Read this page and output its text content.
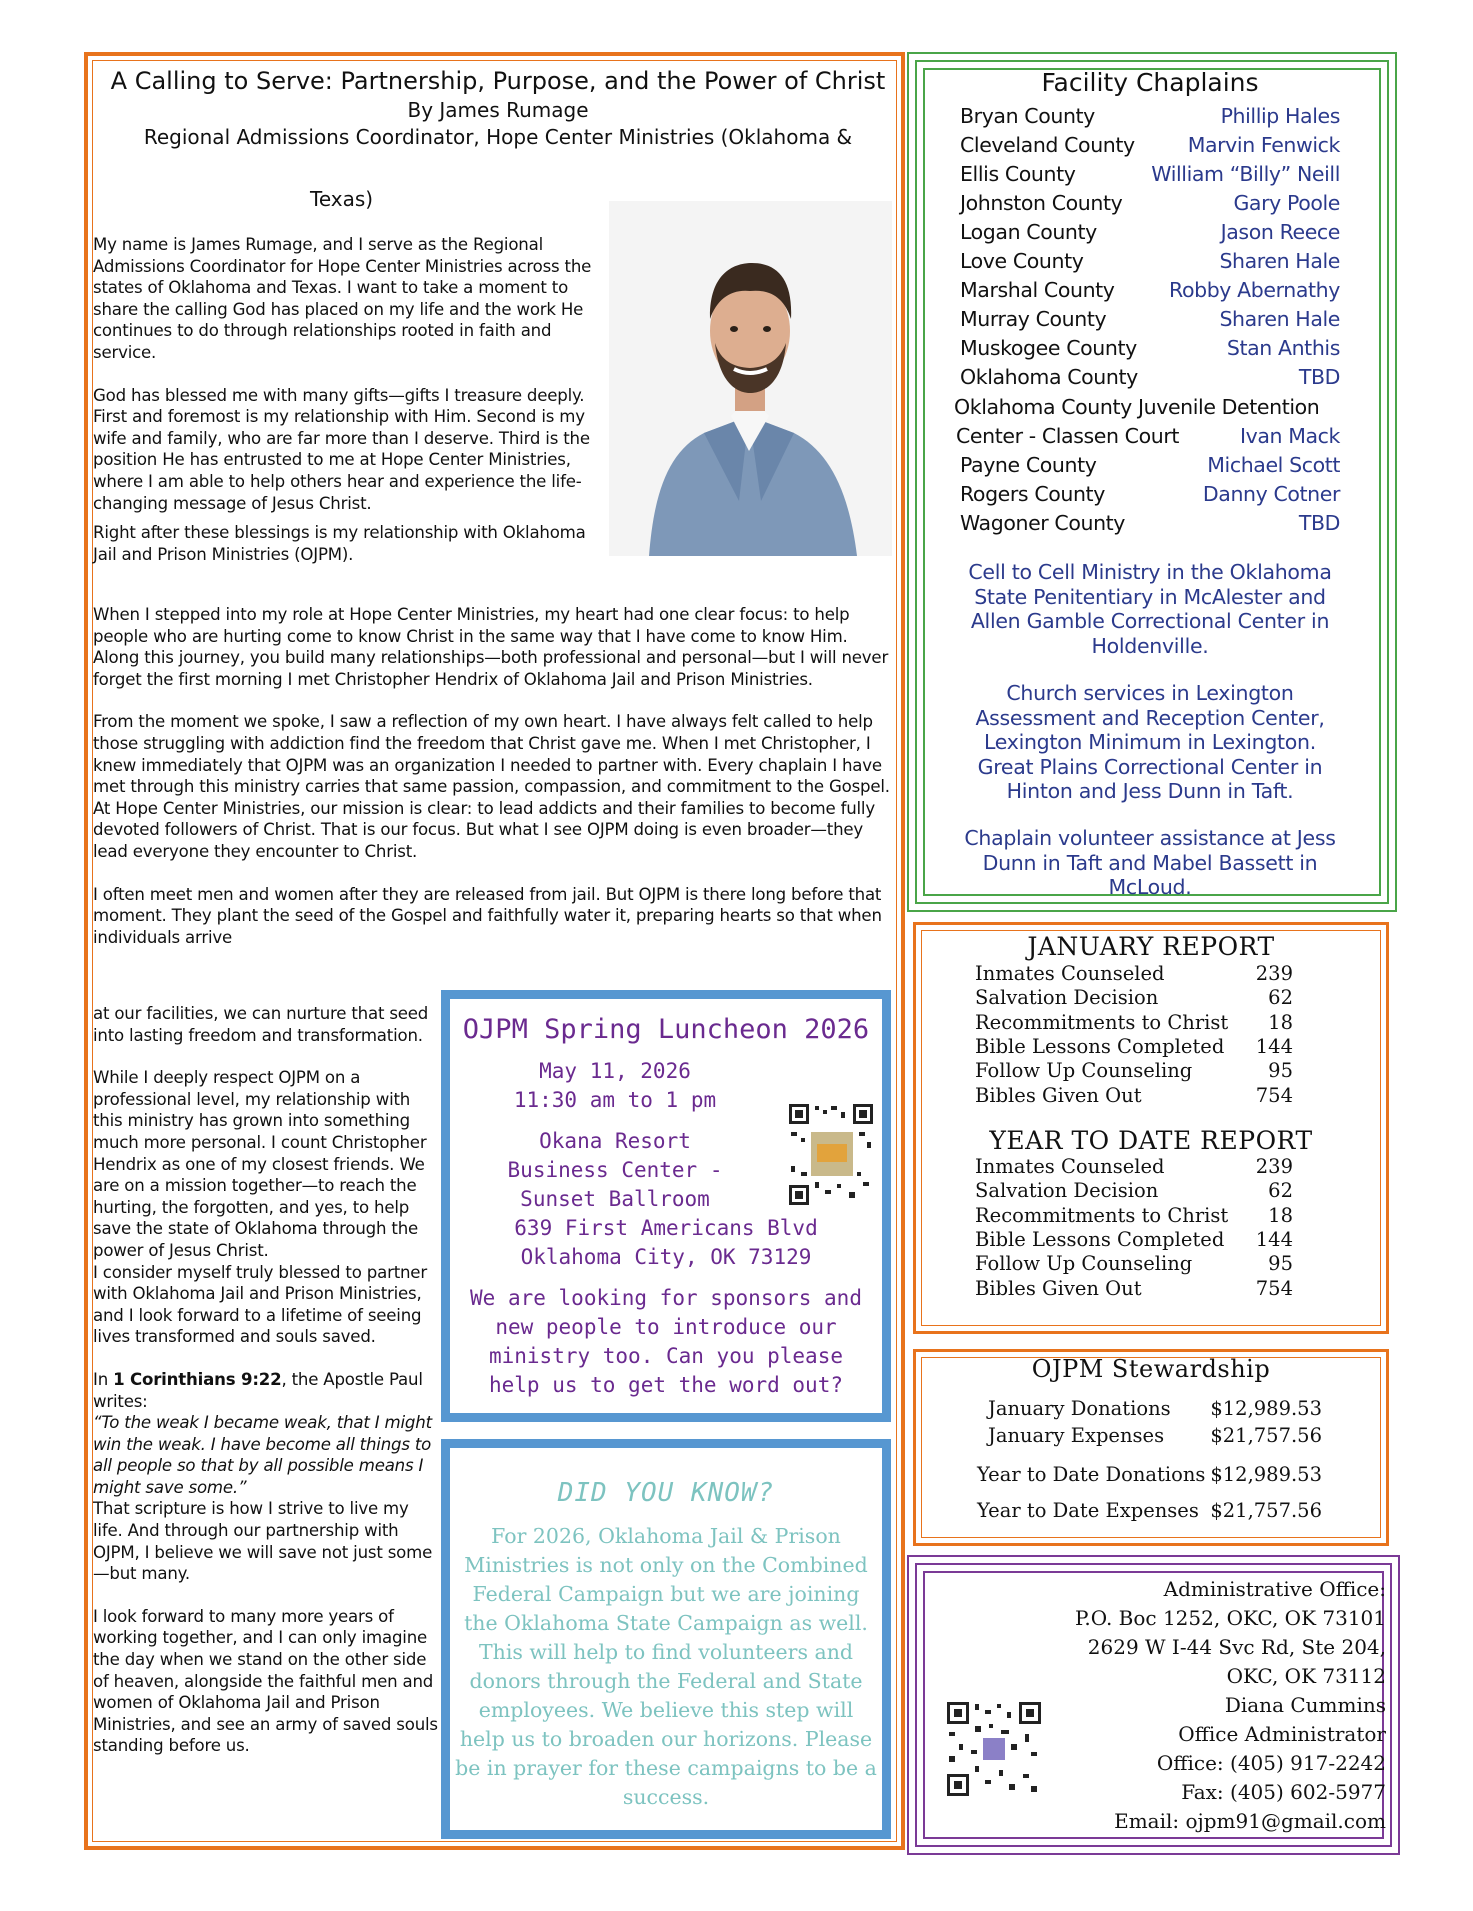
A Calling to Serve: Partnership, Purpose, and the Power of Christ
By James Rumage
Regional Admissions Coordinator, Hope Center Ministries (Oklahoma &
Texas)

My name is James Rumage, and I serve as the Regional Admissions Coordinator for Hope Center Ministries across the states of Oklahoma and Texas. I want to take a moment to share the calling God has placed on my life and the work He continues to do through relationships rooted in faith and service.

God has blessed me with many gifts—gifts I treasure deeply. First and foremost is my relationship with Him. Second is my wife and family, who are far more than I deserve. Third is the position He has entrusted to me at Hope Center Ministries, where I am able to help others hear and experience the life-changing message of Jesus Christ.

Right after these blessings is my relationship with Oklahoma Jail and Prison Ministries (OJPM).

When I stepped into my role at Hope Center Ministries, my heart had one clear focus: to help people who are hurting come to know Christ in the same way that I have come to know Him. Along this journey, you build many relationships—both professional and personal—but I will never forget the first morning I met Christopher Hendrix of Oklahoma Jail and Prison Ministries.

From the moment we spoke, I saw a reflection of my own heart. I have always felt called to help those struggling with addiction find the freedom that Christ gave me. When I met Christopher, I knew immediately that OJPM was an organization I needed to partner with. Every chaplain I have met through this ministry carries that same passion, compassion, and commitment to the Gospel.

At Hope Center Ministries, our mission is clear: to lead addicts and their families to become fully devoted followers of Christ. That is our focus. But what I see OJPM doing is even broader—they lead everyone they encounter to Christ.

I often meet men and women after they are released from jail. But OJPM is there long before that moment. They plant the seed of the Gospel and faithfully water it, preparing hearts so that when individuals arrive

at our facilities, we can nurture that seed into lasting freedom and transformation.

While I deeply respect OJPM on a professional level, my relationship with this ministry has grown into something much more personal. I count Christopher Hendrix as one of my closest friends. We are on a mission together—to reach the hurting, the forgotten, and yes, to help save the state of Oklahoma through the power of Jesus Christ.

I consider myself truly blessed to partner with Oklahoma Jail and Prison Ministries, and I look forward to a lifetime of seeing lives transformed and souls saved.

In 1 Corinthians 9:22, the Apostle Paul writes:

“To the weak I became weak, that I might win the weak. I have become all things to all people so that by all possible means I might save some.”

That scripture is how I strive to live my life. And through our partnership with OJPM, I believe we will save not just some—but many.

I look forward to many more years of working together, and I can only imagine the day when we stand on the other side of heaven, alongside the faithful men and women of Oklahoma Jail and Prison Ministries, and see an army of saved souls standing before us.

OJPM Spring Luncheon 2026
May 11, 2026
11:30 am to 1 pm
Okana Resort
Business Center -
Sunset Ballroom
639 First Americans Blvd
Oklahoma City, OK 73129
We are looking for sponsors and new people to introduce our ministry too. Can you please help us to get the word out?
DID YOU KNOW?
For 2026, Oklahoma Jail & Prison Ministries is not only on the Combined Federal Campaign but we are joining the Oklahoma State Campaign as well. This will help to find volunteers and donors through the Federal and State employees. We believe this step will help us to broaden our horizons. Please be in prayer for these campaigns to be a success.
Facility Chaplains
Bryan County	Phillip Hales
Cleveland County	Marvin Fenwick
Ellis County	William “Billy” Neill
Johnston County	Gary Poole
Logan County	Jason Reece
Love County	Sharen Hale
Marshal County	Robby Abernathy
Murray County	Sharen Hale
Muskogee County	Stan Anthis
Oklahoma County	TBD
Oklahoma County Juvenile Detention
Center - Classen Court	Ivan Mack
Cell to Cell Ministry in the Oklahoma State Penitentiary in McAlester and Allen Gamble Correctional Center in Holdenville.
Church services in Lexington Assessment and Reception Center, Lexington Minimum in Lexington. Great Plains Correctional Center in Hinton and Jess Dunn in Taft.
Chaplain volunteer assistance at Jess Dunn in Taft and Mabel Bassett in McLoud.
JANUARY REPORT
Inmates Counseled	239
Salvation Decision	62
Recommitments to Christ 18
Bible Lessons Completed 144
Follow Up Counseling	95
Bibles Given Out	754
YEAR TO DATE REPORT
Inmates Counseled	239
Salvation Decision	62
Recommitments to Christ 18
Bible Lessons Completed 144
Follow Up Counseling	95
Bibles Given Out	754
OJPM Stewardship
January Donations $12,989.53
January Expenses $21,757.56
Year to Date Donations $12,989.53
Year to Date Expenses $21,757.56
Administrative Office:
P.O. Boc 1252, OKC, OK 73101
2629 W I-44 Svc Rd, Ste 204,
OKC, OK 73112
Diana Cummins
Office Administrator
Office: (405) 917-2242
Fax: (405) 602-5977
Email: ojpm91@gmail.com
Payne County	Michael Scott
Rogers County	Danny Cotner
Wagoner County	TBD
